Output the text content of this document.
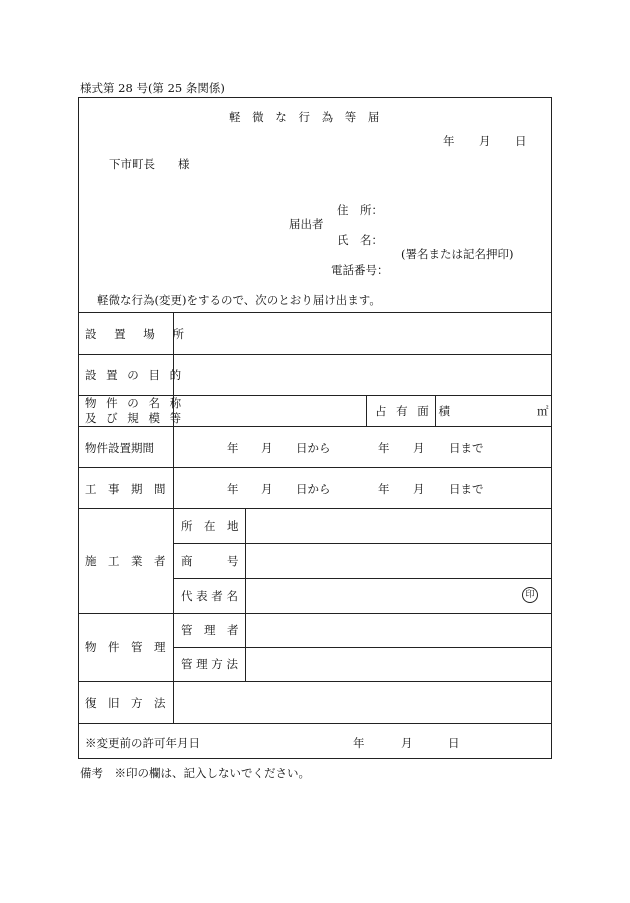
様式第 28 号(第 25 条関係)
軽 微 な 行 為 等 届
年 月 日
下市町長　　様
住　所：
届出者
氏　名：
(署名または記名押印)
電話番号：
軽微な行為(変更)をするので、次のとおり届け出ます。
設 置 場 所
設 置 の 目 的
物 件 の 名 称
及 び 規 模 等	占 有 面 積	㎡
物件設置期間	年 月 日から	年 月 日まで
工　事　期　間	年 月 日から	年 月 日まで
施　工　業　者
所　在　地
商　　　号
代 表 者 名	印
物　件　管　理
管　理　者
管 理 方 法
復　旧　方　法
※変更前の許可年月日	年	月	日
備考　※印の欄は、記入しないでください。
